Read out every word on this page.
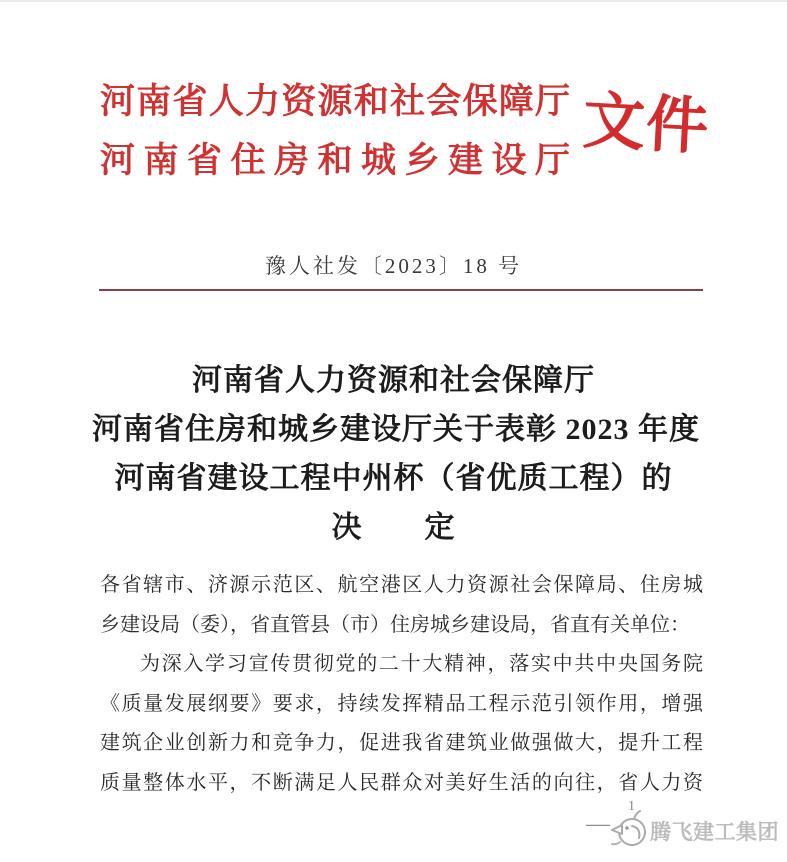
河南省人力资源和社会保障厅
河南省住房和城乡建设厅 文件
豫人社发〔2023〕18 号
河南省人力资源和社会保障厅
河南省住房和城乡建设厅关于表彰 2023 年度
河南省建设工程中州杯（省优质工程）的
决　　定
各省辖市、济源示范区、航空港区人力资源社会保障局、住房城
乡建设局（委），省直管县（市）住房城乡建设局，省直有关单位：
为深入学习宣传贯彻党的二十大精神，落实中共中央国务院
《质量发展纲要》要求，持续发挥精品工程示范引领作用，增强
建筑企业创新力和竞争力，促进我省建筑业做强做大，提升工程
质量整体水平，不断满足人民群众对美好生活的向往，省人力资
—
1
腾飞建工集团
